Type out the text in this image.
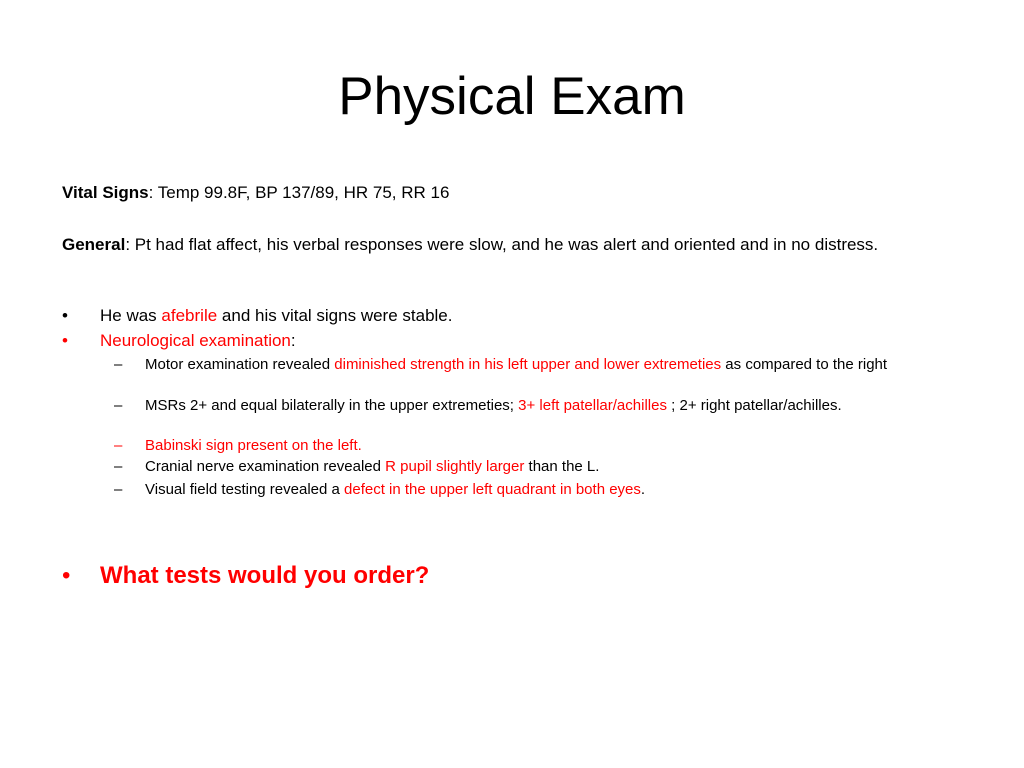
Physical Exam
Vital Signs: Temp 99.8F, BP 137/89, HR 75, RR 16
General: Pt had flat affect, his verbal responses were slow, and he was alert and oriented and in no distress.
• He was afebrile and his vital signs were stable.
• Neurological examination:
– Motor examination revealed diminished strength in his left upper and lower extremeties as compared to the right
– MSRs 2+ and equal bilaterally in the upper extremeties; 3+ left patellar/achilles ; 2+ right patellar/achilles.
– Babinski sign present on the left.
– Cranial nerve examination revealed R pupil slightly larger than the L.
– Visual field testing revealed a defect in the upper left quadrant in both eyes.
• What tests would you order?
